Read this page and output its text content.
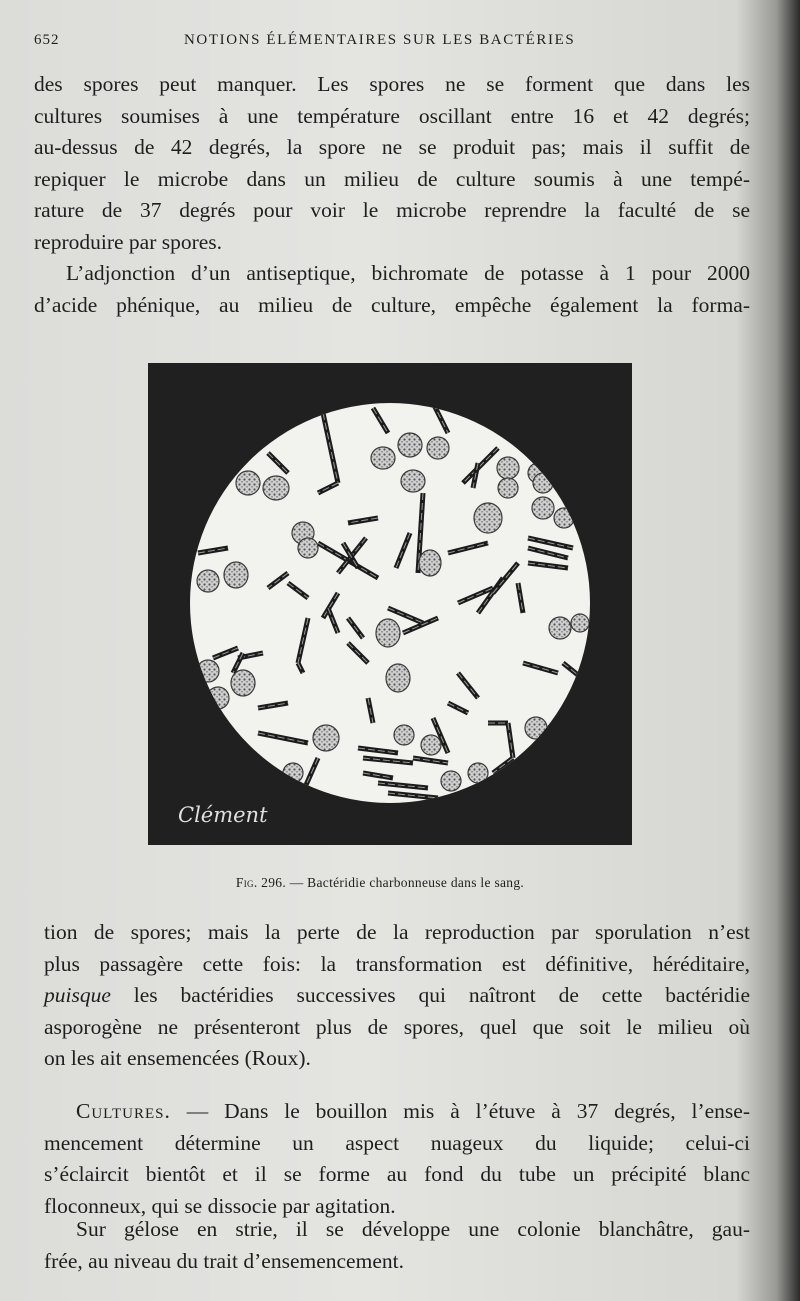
652	NOTIONS ÉLÉMENTAIRES SUR LES BACTÉRIES
des spores peut manquer. Les spores ne se forment que dans les
cultures soumises à une température oscillant entre 16 et 42 degrés;
au-dessus de 42 degrés, la spore ne se produit pas; mais il suffit de
repiquer le microbe dans un milieu de culture soumis à une tempé-
rature de 37 degrés pour voir le microbe reprendre la faculté de se
reproduire par spores.
L’adjonction d’un antiseptique, bichromate de potasse à 1 pour 2000
d’acide phénique, au milieu de culture, empêche également la forma-
Clément
Fig. 296. — Bactéridie charbonneuse dans le sang.
tion de spores; mais la perte de la reproduction par sporulation n’est
plus passagère cette fois: la transformation est définitive, héréditaire,
puisque les bactéridies successives qui naîtront de cette bactéridie
asporogène ne présenteront plus de spores, quel que soit le milieu où
on les ait ensemencées (Roux).
Cultures. — Dans le bouillon mis à l’étuve à 37 degrés, l’ense-
mencement détermine un aspect nuageux du liquide; celui-ci
s’éclaircit bientôt et il se forme au fond du tube un précipité blanc
floconneux, qui se dissocie par agitation.
Sur gélose en strie, il se développe une colonie blanchâtre, gau-
frée, au niveau du trait d’ensemencement.
